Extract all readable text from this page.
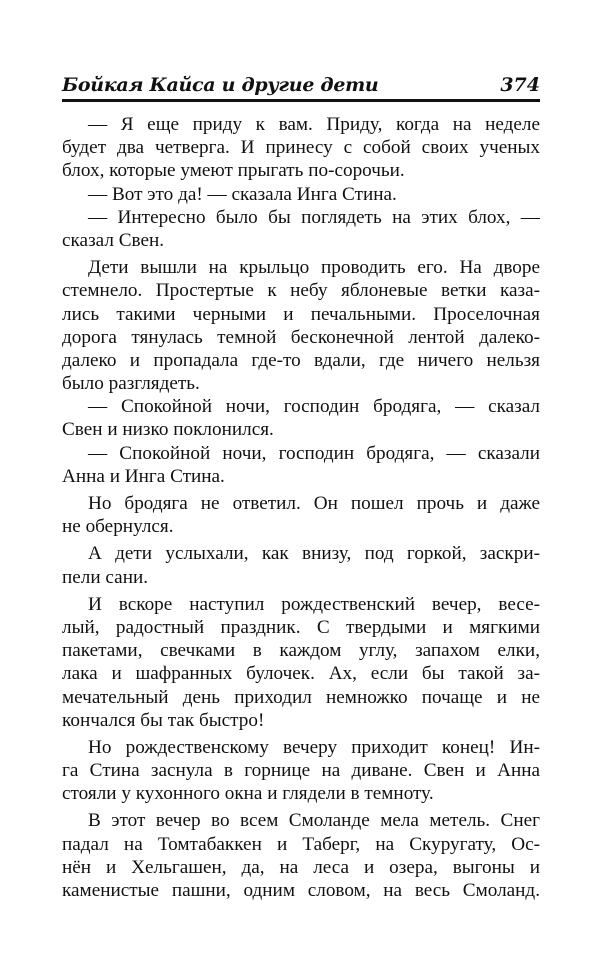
Бойкая Кайса и другие дети	374
— Я еще приду к вам. Приду, когда на неделе
будет два четверга. И принесу с собой своих ученых
блох, которые умеют прыгать по-сорочьи.
— Вот это да! — сказала Инга Стина.
— Интересно было бы поглядеть на этих блох, —
сказал Свен.
Дети вышли на крыльцо проводить его. На дворе
стемнело. Простертые к небу яблоневые ветки каза-
лись такими черными и печальными. Проселочная
дорога тянулась темной бесконечной лентой далеко-
далеко и пропадала где-то вдали, где ничего нельзя
было разглядеть.
— Спокойной ночи, господин бродяга, — сказал
Свен и низко поклонился.
— Спокойной ночи, господин бродяга, — сказали
Анна и Инга Стина.
Но бродяга не ответил. Он пошел прочь и даже
не обернулся.
А дети услыхали, как внизу, под горкой, заскри-
пели сани.
И вскоре наступил рождественский вечер, весе-
лый, радостный праздник. С твердыми и мягкими
пакетами, свечками в каждом углу, запахом елки,
лака и шафранных булочек. Ах, если бы такой за-
мечательный день приходил немножко почаще и не
кончался бы так быстро!
Но рождественскому вечеру приходит конец! Ин-
га Стина заснула в горнице на диване. Свен и Анна
стояли у кухонного окна и глядели в темноту.
В этот вечер во всем Смоланде мела метель. Снег
падал на Томтабаккен и Таберг, на Скуругату, Ос-
нён и Хельгашен, да, на леса и озера, выгоны и
каменистые пашни, одним словом, на весь Смоланд.
